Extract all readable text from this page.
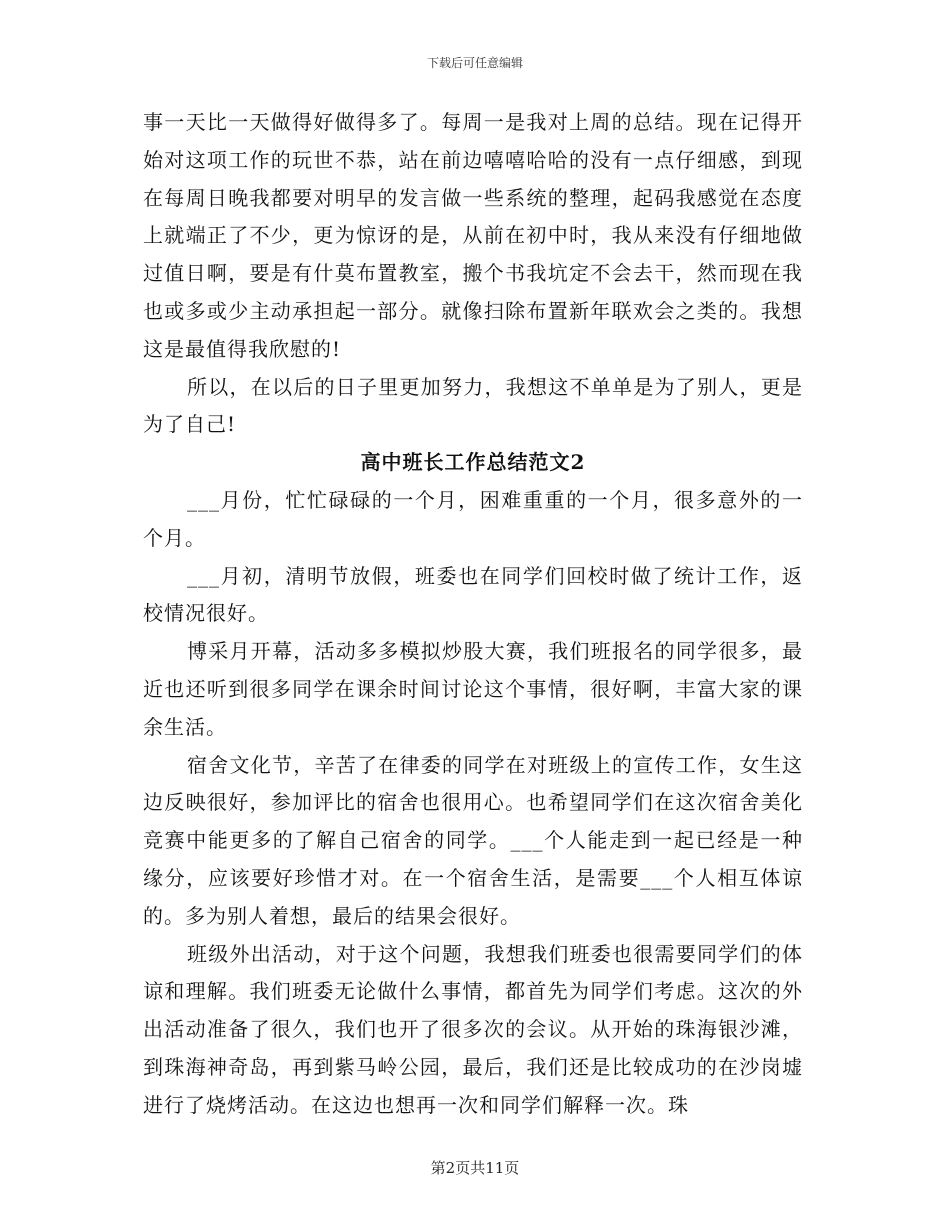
下载后可任意编辑

事一天比一天做得好做得多了。每周一是我对上周的总结。现在记得开始对这项工作的玩世不恭，站在前边嘻嘻哈哈的没有一点仔细感，到现在每周日晚我都要对明早的发言做一些系统的整理，起码我感觉在态度上就端正了不少，更为惊讶的是，从前在初中时，我从来没有仔细地做过值日啊，要是有什莫布置教室，搬个书我坑定不会去干，然而现在我也或多或少主动承担起一部分。就像扫除布置新年联欢会之类的。我想这是最值得我欣慰的!

所以，在以后的日子里更加努力，我想这不单单是为了别人，更是为了自己!

高中班长工作总结范文2

___月份，忙忙碌碌的一个月，困难重重的一个月，很多意外的一个月。

___月初，清明节放假，班委也在同学们回校时做了统计工作，返校情况很好。

博采月开幕，活动多多模拟炒股大赛，我们班报名的同学很多，最近也还听到很多同学在课余时间讨论这个事情，很好啊，丰富大家的课余生活。

宿舍文化节，辛苦了在律委的同学在对班级上的宣传工作，女生这边反映很好，参加评比的宿舍也很用心。也希望同学们在这次宿舍美化竞赛中能更多的了解自己宿舍的同学。___个人能走到一起已经是一种缘分，应该要好珍惜才对。在一个宿舍生活，是需要___个人相互体谅的。多为别人着想，最后的结果会很好。

班级外出活动，对于这个问题，我想我们班委也很需要同学们的体谅和理解。我们班委无论做什么事情，都首先为同学们考虑。这次的外出活动准备了很久，我们也开了很多次的会议。从开始的珠海银沙滩，到珠海神奇岛，再到紫马岭公园，最后，我们还是比较成功的在沙岗墟进行了烧烤活动。在这边也想再一次和同学们解释一次。珠

第2页共11页
